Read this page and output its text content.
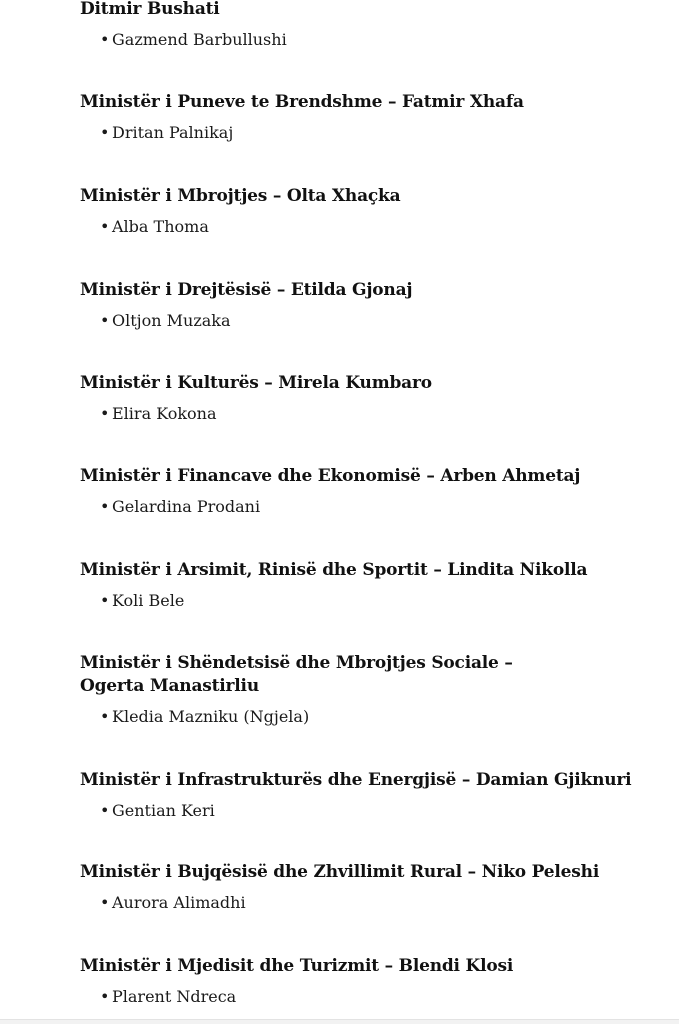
Ditmir Bushati

• Gazmend Barbullushi

Ministër i Puneve te Brendshme – Fatmir Xhafa

• Dritan Palnikaj

Ministër i Mbrojtjes – Olta Xhaçka

• Alba Thoma

Ministër i Drejtësisë – Etilda Gjonaj

• Oltjon Muzaka

Ministër i Kulturës – Mirela Kumbaro

• Elira Kokona

Ministër i Financave dhe Ekonomisë – Arben Ahmetaj

• Gelardina Prodani

Ministër i Arsimit, Rinisë dhe Sportit – Lindita Nikolla

• Koli Bele

Ministër i Shëndetsisë dhe Mbrojtjes Sociale – Ogerta Manastirliu

• Kledia Mazniku (Ngjela)

Ministër i Infrastrukturës dhe Energjisë – Damian Gjiknuri

• Gentian Keri

Ministër i Bujqësisë dhe Zhvillimit Rural – Niko Peleshi

• Aurora Alimadhi

Ministër i Mjedisit dhe Turizmit – Blendi Klosi

• Plarent Ndreca
